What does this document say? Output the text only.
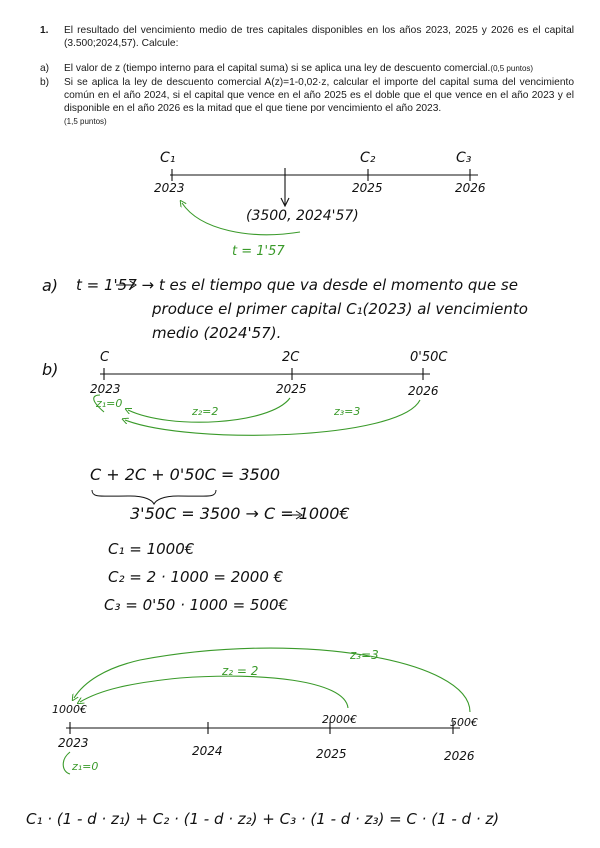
1.	El resultado del vencimiento medio de tres capitales disponibles en los años 2023, 2025 y 2026 es el capital (3.500;2024,57). Calcule:
a)	El valor de z (tiempo interno para el capital suma) si se aplica una ley de descuento comercial.(0,5 puntos)
b)	Si se aplica la ley de descuento comercial A(z)=1-0,02·z, calcular el importe del capital suma del vencimiento común en el año 2024, si el capital que vence en el año 2025 es el doble que el que vence en el año 2023 y el disponible en el año 2026 es la mitad que el que tiene por vencimiento el año 2023.
(1,5 puntos)
C₁	C₂	C₃
2023	2025	2026
(3500, 2024'57)
t = 1'57
a) t = 1'57 → t es el tiempo que va desde el momento que se
produce el primer capital C₁(2023) al vencimiento
medio (2024'57).
b)
C	2C	0'50C
2023	2025	2026
z₁=0
z₂=2	z₃=3
C + 2C + 0'50C = 3500
3'50C = 3500 → C = 1000€
C₁ = 1000€
C₂ = 2 · 1000 = 2000 €
C₃ = 0'50 · 1000 = 500€
z₃=3
z₂ = 2
1000€
2000€	500€
2023
2024	2025	2026
z₁=0
C₁ · (1 - d · z₁) + C₂ · (1 - d · z₂) + C₃ · (1 - d · z₃) = C · (1 - d · z)
